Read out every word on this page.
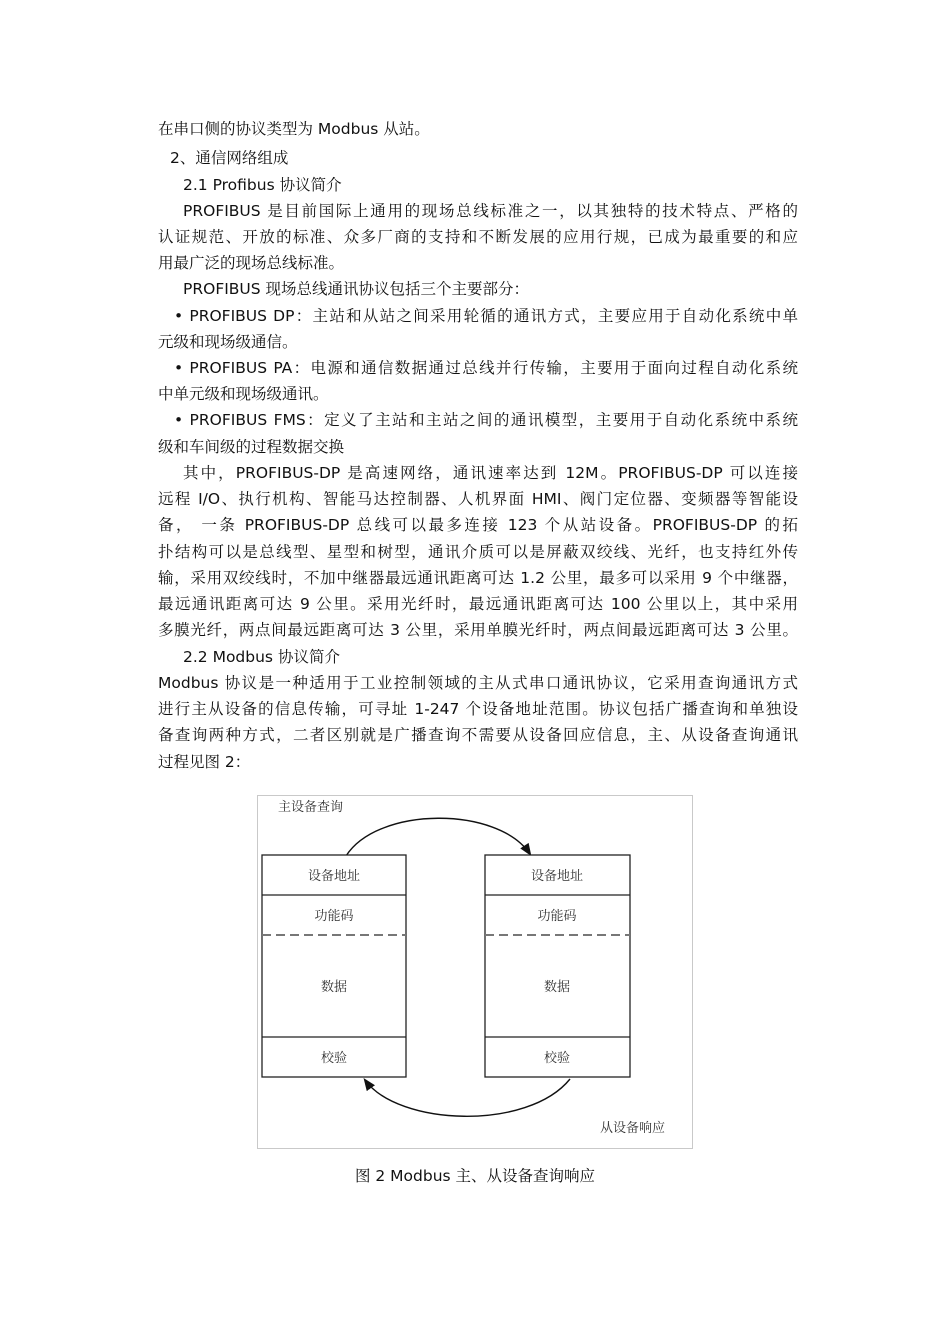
在串口侧的协议类型为 Modbus 从站。
2、通信网络组成
2.1 Profibus 协议简介
PROFIBUS 是目前国际上通用的现场总线标准之一，以其独特的技术特点、严格的
认证规范、开放的标准、众多厂商的支持和不断发展的应用行规，已成为最重要的和应
用最广泛的现场总线标准。
PROFIBUS 现场总线通讯协议包括三个主要部分：
• PROFIBUS DP：主站和从站之间采用轮循的通讯方式，主要应用于自动化系统中单
元级和现场级通信。
• PROFIBUS PA：电源和通信数据通过总线并行传输，主要用于面向过程自动化系统
中单元级和现场级通讯。
• PROFIBUS FMS：定义了主站和主站之间的通讯模型，主要用于自动化系统中系统
级和车间级的过程数据交换
其中，PROFIBUS-DP 是高速网络，通讯速率达到 12M。PROFIBUS-DP 可以连接
远程 I/O、执行机构、智能马达控制器、人机界面 HMI、阀门定位器、变频器等智能设
备， 一条 PROFIBUS-DP 总线可以最多连接 123 个从站设备。PROFIBUS-DP 的拓
扑结构可以是总线型、星型和树型，通讯介质可以是屏蔽双绞线、光纤，也支持红外传
输，采用双绞线时，不加中继器最远通讯距离可达 1.2 公里，最多可以采用 9 个中继器，
最远通讯距离可达 9 公里。采用光纤时，最远通讯距离可达 100 公里以上，其中采用
多膜光纤，两点间最远距离可达 3 公里，采用单膜光纤时，两点间最远距离可达 3 公里。
2.2 Modbus 协议简介
Modbus 协议是一种适用于工业控制领域的主从式串口通讯协议，它采用查询通讯方式
进行主从设备的信息传输，可寻址 1-247 个设备地址范围。协议包括广播查询和单独设
备查询两种方式，二者区别就是广播查询不需要从设备回应信息，主、从设备查询通讯
过程见图 2：
主设备查询
从设备响应
设备地址
功能码
数据
校验
设备地址
功能码
数据
校验
图 2 Modbus 主、从设备查询响应
